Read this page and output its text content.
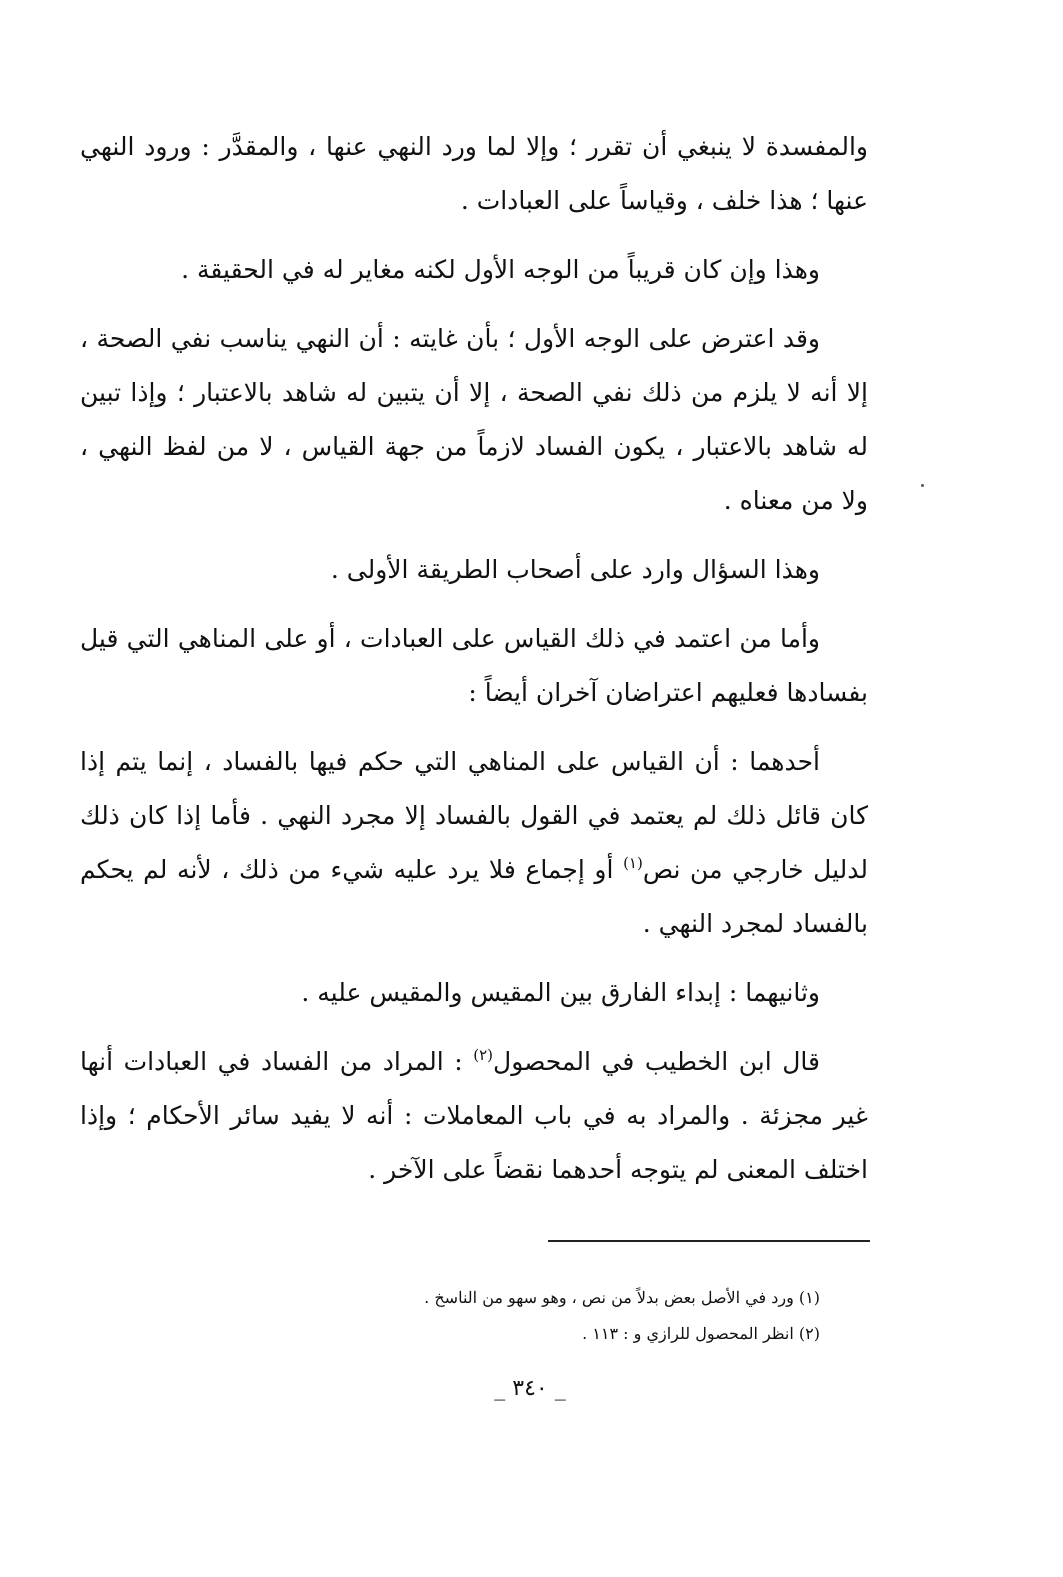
والمفسدة لا ينبغي أن تقرر ؛ وإلا لما ورد النهي عنها ، والمقدَّر : ورود النهي عنها ؛ هذا خلف ، وقياساً على العبادات .

وهذا وإن كان قريباً من الوجه الأول لكنه مغاير له في الحقيقة .

وقد اعترض على الوجه الأول ؛ بأن غايته : أن النهي يناسب نفي الصحة ، إلا أنه لا يلزم من ذلك نفي الصحة ، إلا أن يتبين له شاهد بالاعتبار ؛ وإذا تبين له شاهد بالاعتبار ، يكون الفساد لازماً من جهة القياس ، لا من لفظ النهي ، ولا من معناه .

وهذا السؤال وارد على أصحاب الطريقة الأولى .

وأما من اعتمد في ذلك القياس على العبادات ، أو على المناهي التي قيل بفسادها فعليهم اعتراضان آخران أيضاً :

أحدهما : أن القياس على المناهي التي حكم فيها بالفساد ، إنما يتم إذا كان قائل ذلك لم يعتمد في القول بالفساد إلا مجرد النهي . فأما إذا كان ذلك لدليل خارجي من نص$^{(١)}$ أو إجماع فلا يرد عليه شيء من ذلك ، لأنه لم يحكم بالفساد لمجرد النهي .

وثانيهما : إبداء الفارق بين المقيس والمقيس عليه .

قال ابن الخطيب في المحصول$^{(٢)}$ : المراد من الفساد في العبادات أنها غير مجزئة . والمراد به في باب المعاملات : أنه لا يفيد سائر الأحكام ؛ وإذا اختلف المعنى لم يتوجه أحدهما نقضاً على الآخر .

(١) ورد في الأصل بعض بدلاً من نص ، وهو سهو من الناسخ .

(٢) انظر المحصول للرازي و : ١١٣ .

_ ٣٤٠ _
